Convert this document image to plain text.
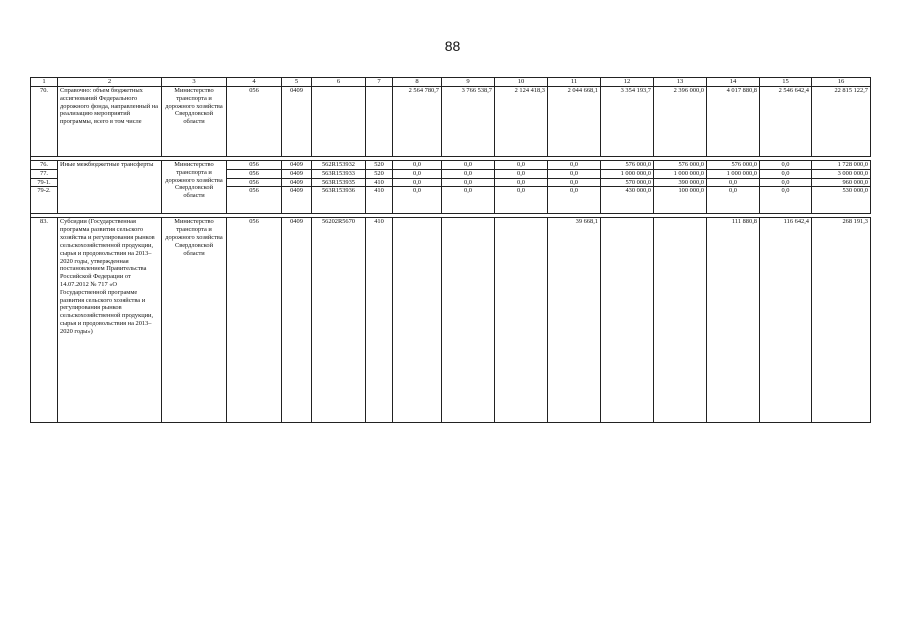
88
1	2	3	4	5	6	7	8	9	10	11	12	13	14	15	16
70.	Справочно: объем бюджетных ассигнований Федерального дорожного фонда, направленный на реализацию мероприятий программы, всего в том числе	Министерство транспорта и дорожного хозяйства Свердловской области	056	0409			2 564 780,7	3 766 538,7	2 124 418,3	2 044 668,1	3 354 193,7	2 396 000,0	4 017 880,8	2 546 642,4	22 815 122,7

76.	Иные межбюджетные трансферты	Министерство транспорта и дорожного хозяйства Свердловской области	056	0409	562R153932	520	0,0	0,0	0,0	0,0	576 000,0	576 000,0	576 000,0	0,0	1 728 000,0
77.			056	0409	563R153933	520	0,0	0,0	0,0	0,0	1 000 000,0	1 000 000,0	1 000 000,0	0,0	3 000 000,0
79-1.			056	0409	563R153935	410	0,0	0,0	0,0	0,0	570 000,0	390 000,0	0,0	0,0	960 000,0
79-2.			056	0409	563R153936	410	0,0	0,0	0,0	0,0	430 000,0	100 000,0	0,0	0,0	530 000,0

83.	Субсидии (Государственная программа развития сельского хозяйства и регулирования рынков сельскохозяйственной продукции, сырья и продовольствия на 2013–2020 годы, утвержденная постановлением Правительства Российской Федерации от 14.07.2012 № 717 «О Государственной программе развития сельского хозяйства и регулирования рынков сельскохозяйственной продукции, сырья и продовольствия на 2013–2020 годы»)	Министерство транспорта и дорожного хозяйства Свердловской области	056	0409	56202R5670	410				39 668,1			111 880,8	116 642,4	268 191,3
